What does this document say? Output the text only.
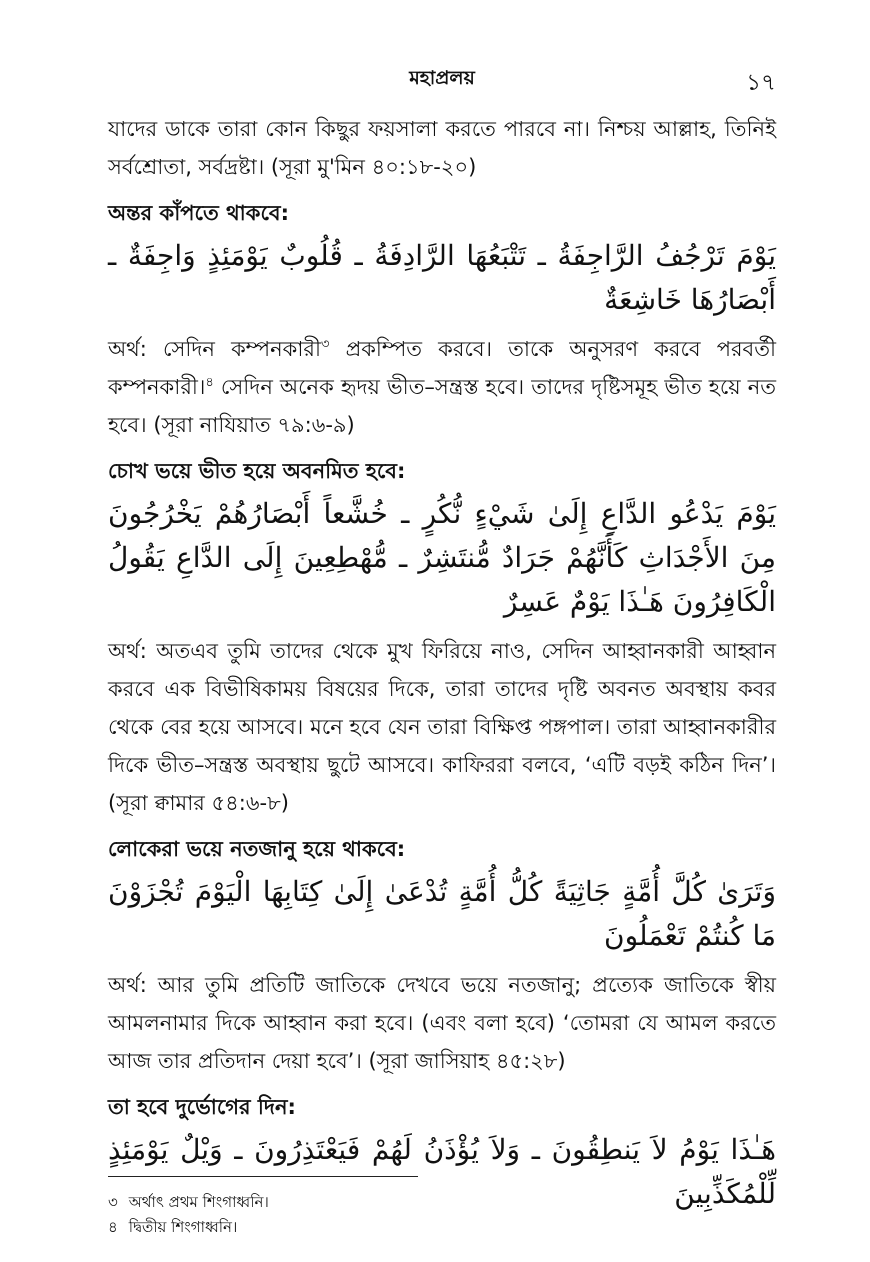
মহাপ্রলয়	১৭

যাদের ডাকে তারা কোন কিছুর ফয়সালা করতে পারবে না। নিশ্চয় আল্লাহ, তিনিই সর্বশ্রোতা, সর্বদ্রষ্টা। (সূরা মু'মিন ৪০:১৮-২০)

অন্তর কাঁপতে থাকবে:

يَوْمَ تَرْجُفُ الرَّاجِفَةُ ـ تَتْبَعُهَا الرَّادِفَةُ ـ قُلُوبٌ يَوْمَئِذٍ وَاجِفَةٌ ـ أَبْصَارُهَا خَاشِعَةٌ

অর্থ: সেদিন কম্পনকারী$^৩$ প্রকম্পিত করবে। তাকে অনুসরণ করবে পরবর্তী কম্পনকারী।$^৪$ সেদিন অনেক হৃদয় ভীত–সন্ত্রস্ত হবে। তাদের দৃষ্টিসমূহ ভীত হয়ে নত হবে। (সূরা নাযিয়াত ৭৯:৬-৯)

চোখ ভয়ে ভীত হয়ে অবনমিত হবে:

يَوْمَ يَدْعُو الدَّاعِ إِلَىٰ شَيْءٍ نُّكُرٍ ـ خُشَّعاً أَبْصَارُهُمْ يَخْرُجُونَ مِنَ الأَجْدَاثِ كَأَنَّهُمْ جَرَادٌ مُّنتَشِرٌ ـ مُّهْطِعِينَ إِلَى الدَّاعِ يَقُولُ الْكَافِرُونَ هَـٰذَا يَوْمٌ عَسِرٌ

অর্থ: অতএব তুমি তাদের থেকে মুখ ফিরিয়ে নাও, সেদিন আহ্বানকারী আহ্বান করবে এক বিভীষিকাময় বিষয়ের দিকে, তারা তাদের দৃষ্টি অবনত অবস্থায় কবর থেকে বের হয়ে আসবে। মনে হবে যেন তারা বিক্ষিপ্ত পঙ্গপাল। তারা আহ্বানকারীর দিকে ভীত–সন্ত্রস্ত অবস্থায় ছুটে আসবে। কাফিররা বলবে, ‘এটি বড়ই কঠিন দিন’। (সূরা ক্বামার ৫৪:৬-৮)

লোকেরা ভয়ে নতজানু হয়ে থাকবে:

وَتَرَىٰ كُلَّ أُمَّةٍ جَاثِيَةً كُلُّ أُمَّةٍ تُدْعَىٰ إِلَىٰ كِتَابِهَا الْيَوْمَ تُجْزَوْنَ مَا كُنتُمْ تَعْمَلُونَ

অর্থ: আর তুমি প্রতিটি জাতিকে দেখবে ভয়ে নতজানু; প্রত্যেক জাতিকে স্বীয় আমলনামার দিকে আহ্বান করা হবে। (এবং বলা হবে) ‘তোমরা যে আমল করতে আজ তার প্রতিদান দেয়া হবে’। (সূরা জাসিয়াহ ৪৫:২৮)

তা হবে দুর্ভোগের দিন:

هَـٰذَا يَوْمُ لاَ يَنطِقُونَ ـ وَلاَ يُؤْذَنُ لَهُمْ فَيَعْتَذِرُونَ ـ وَيْلٌ يَوْمَئِذٍ لِّلْمُكَذِّبِينَ

৩ অর্থাৎ প্রথম শিংগাধ্বনি।
৪ দ্বিতীয় শিংগাধ্বনি।
